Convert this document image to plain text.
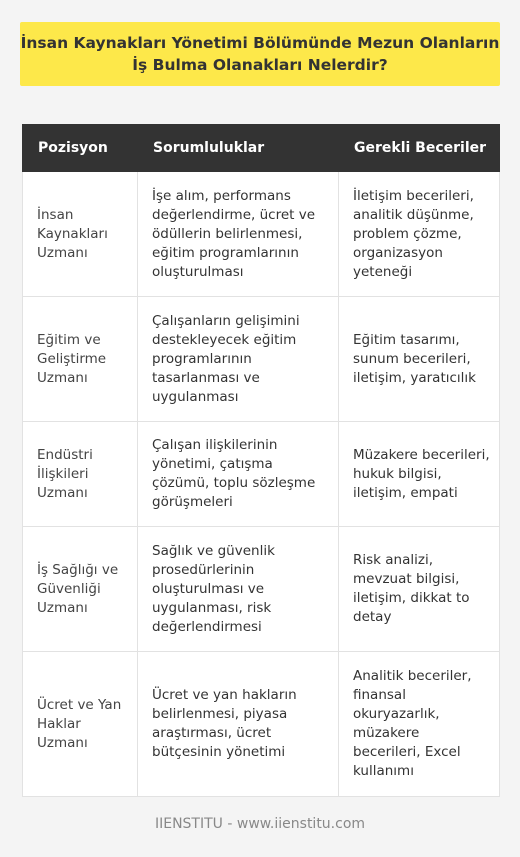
İnsan Kaynakları Yönetimi Bölümünde Mezun Olanların
İş Bulma Olanakları Nelerdir?
Pozisyon	Sorumluluklar	Gerekli Beceriler
İnsan Kaynakları Uzmanı	İşe alım, performans değerlendirme, ücret ve ödüllerin belirlenmesi, eğitim programlarının oluşturulması	İletişim becerileri, analitik düşünme, problem çözme, organizasyon yeteneği
Eğitim ve Geliştirme Uzmanı	Çalışanların gelişimini destekleyecek eğitim programlarının tasarlanması ve uygulanması	Eğitim tasarımı, sunum becerileri, iletişim, yaratıcılık
Endüstri İlişkileri Uzmanı	Çalışan ilişkilerinin yönetimi, çatışma çözümü, toplu sözleşme görüşmeleri	Müzakere becerileri, hukuk bilgisi, iletişim, empati
İş Sağlığı ve Güvenliği Uzmanı	Sağlık ve güvenlik prosedürlerinin oluşturulması ve uygulanması, risk değerlendirmesi	Risk analizi, mevzuat bilgisi, iletişim, dikkat to detay
Ücret ve Yan Haklar Uzmanı	Ücret ve yan hakların belirlenmesi, piyasa araştırması, ücret bütçesinin yönetimi	Analitik beceriler, finansal okuryazarlık, müzakere becerileri, Excel kullanımı
IIENSTITU - www.iienstitu.com
